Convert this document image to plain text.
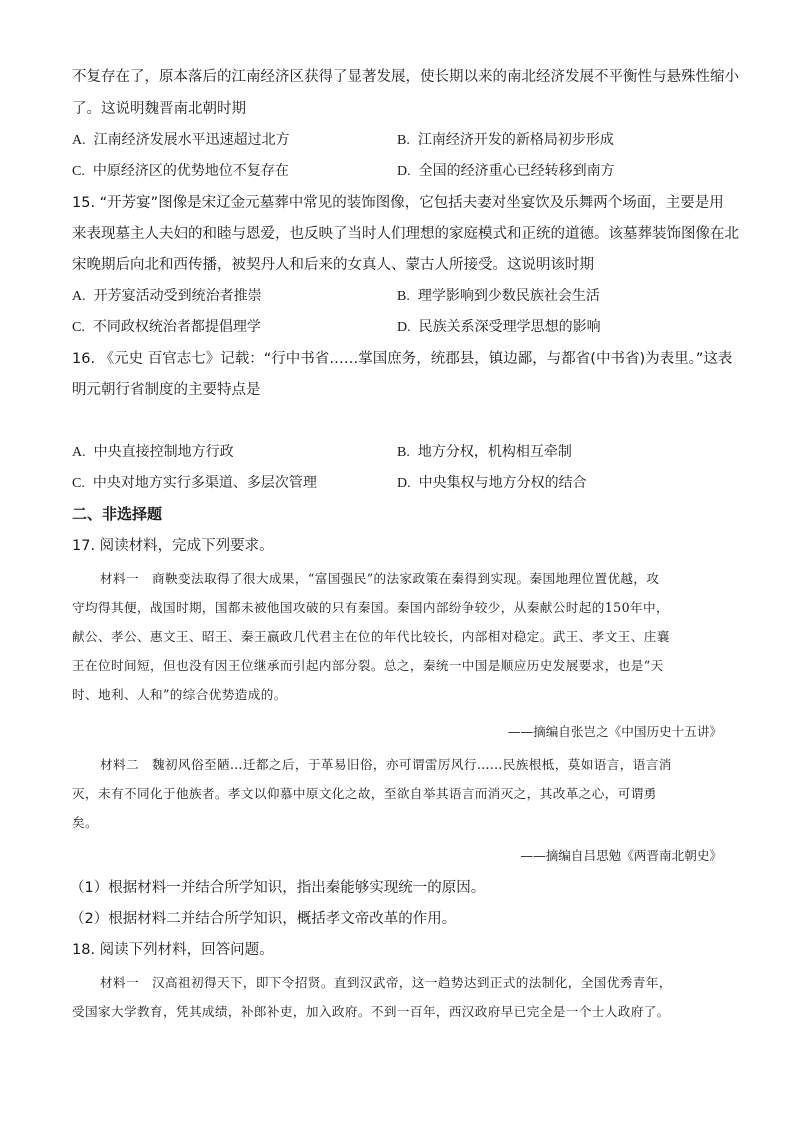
不复存在了，原本落后的江南经济区获得了显著发展，使长期以来的南北经济发展不平衡性与悬殊性缩小
了。这说明魏晋南北朝时期
A. 江南经济发展水平迅速超过北方	B. 江南经济开发的新格局初步形成
C. 中原经济区的优势地位不复存在	D. 全国的经济重心已经转移到南方
15. “开芳宴”图像是宋辽金元墓葬中常见的装饰图像，它包括夫妻对坐宴饮及乐舞两个场面，主要是用
来表现墓主人夫妇的和睦与恩爱，也反映了当时人们理想的家庭模式和正统的道德。该墓葬装饰图像在北
宋晚期后向北和西传播，被契丹人和后来的女真人、蒙古人所接受。这说明该时期
A. 开芳宴活动受到统治者推崇	B. 理学影响到少数民族社会生活
C. 不同政权统治者都提倡理学	D. 民族关系深受理学思想的影响
16. 《元史 百官志七》记载：“行中书省……掌国庶务，统郡县，镇边鄙，与都省(中书省)为表里。”这表
明元朝行省制度的主要特点是
A. 中央直接控制地方行政	B. 地方分权，机构相互牵制
C. 中央对地方实行多渠道、多层次管理	D. 中央集权与地方分权的结合
二、非选择题
17. 阅读材料，完成下列要求。
材料一　商鞅变法取得了很大成果，“富国强民”的法家政策在秦得到实现。秦国地理位置优越，攻
守均得其便，战国时期，国都未被他国攻破的只有秦国。秦国内部纷争较少，从秦献公时起的150年中，
献公、孝公、惠文王、昭王、秦王嬴政几代君主在位的年代比较长，内部相对稳定。武王、孝文王、庄襄
王在位时间短，但也没有因王位继承而引起内部分裂。总之，秦统一中国是顺应历史发展要求，也是“天
时、地利、人和”的综合优势造成的。
——摘编自张岂之《中国历史十五讲》
材料二　魏初风俗至陋…迁都之后，于革易旧俗，亦可谓雷厉风行……民族根柢，莫如语言，语言消
灭，未有不同化于他族者。孝文以仰慕中原文化之故，至欲自举其语言而消灭之，其改革之心，可谓勇
矣。
——摘编自吕思勉《两晋南北朝史》
（1）根据材料一并结合所学知识，指出秦能够实现统一的原因。
（2）根据材料二并结合所学知识，概括孝文帝改革的作用。
18. 阅读下列材料，回答问题。
材料一　汉高祖初得天下，即下令招贤。直到汉武帝，这一趋势达到正式的法制化，全国优秀青年，
受国家大学教育，凭其成绩，补郎补吏，加入政府。不到一百年，西汉政府早已完全是一个士人政府了。
